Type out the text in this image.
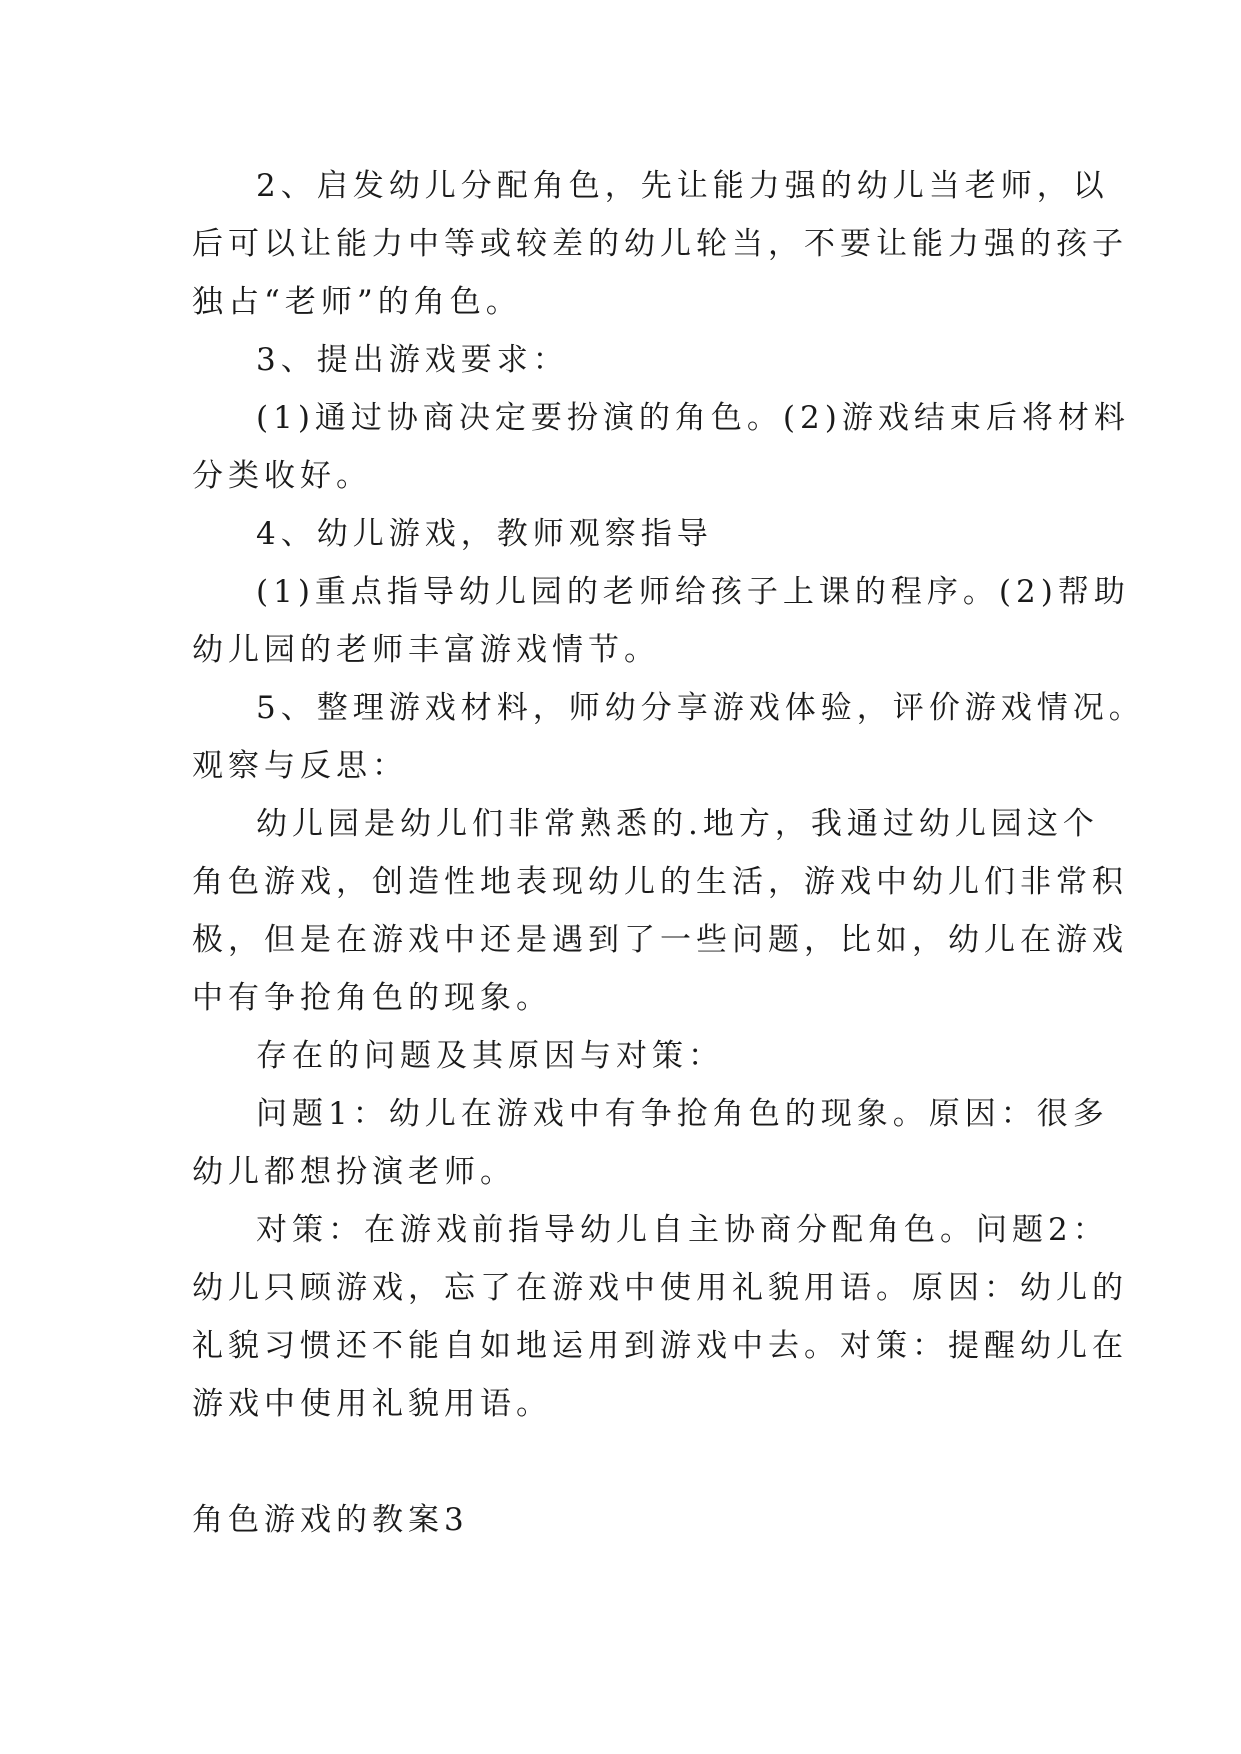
2、启发幼儿分配角色，先让能力强的幼儿当老师，以
后可以让能力中等或较差的幼儿轮当，不要让能力强的孩子
独占“老师”的角色。
3、提出游戏要求：
(1)通过协商决定要扮演的角色。(2)游戏结束后将材料
分类收好。
4、幼儿游戏，教师观察指导
(1)重点指导幼儿园的老师给孩子上课的程序。(2)帮助
幼儿园的老师丰富游戏情节。
5、整理游戏材料，师幼分享游戏体验，评价游戏情况。
观察与反思：
幼儿园是幼儿们非常熟悉的.地方，我通过幼儿园这个
角色游戏，创造性地表现幼儿的生活，游戏中幼儿们非常积
极，但是在游戏中还是遇到了一些问题，比如，幼儿在游戏
中有争抢角色的现象。
存在的问题及其原因与对策：
问题1：幼儿在游戏中有争抢角色的现象。原因：很多
幼儿都想扮演老师。
对策：在游戏前指导幼儿自主协商分配角色。问题2：
幼儿只顾游戏，忘了在游戏中使用礼貌用语。原因：幼儿的
礼貌习惯还不能自如地运用到游戏中去。对策：提醒幼儿在
游戏中使用礼貌用语。
角色游戏的教案3
